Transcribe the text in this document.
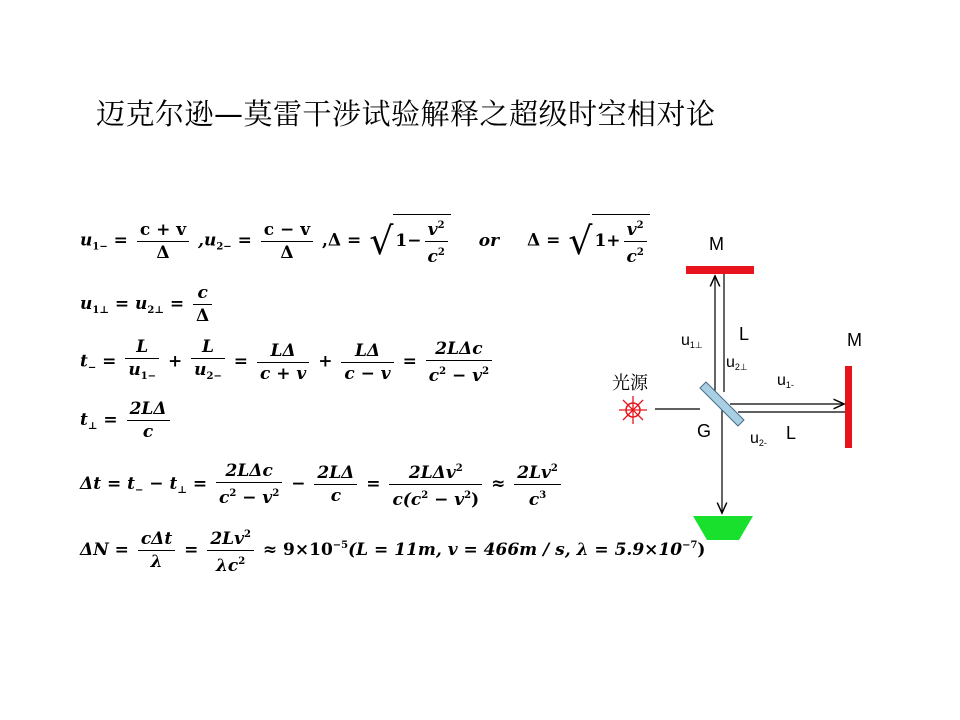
迈克尔逊—莫雷干涉试验解释之超级时空相对论
$u_{1-} = \frac{c + v}{\Delta} ,u_{2-} = \frac{c - v}{\Delta} ,\Delta$ = √ $1- \frac{v^2}{c^2}$ or Δ = √ $1+ \frac{v^2}{c^2}$
$u_{1\perp} = u_{2\perp} = \frac{c}{\Delta}$
$t_- = \frac{L}{u_{1-}} + \frac{L}{u_{2-}} = \frac{L\Delta}{c + v} + \frac{L\Delta}{c - v} = \frac{\text{2LΔc}}{c^2 - v^2}$
$t_\perp = \frac{2L\Delta}{c}$
$\Delta t = t_- - t_\perp = \frac{\text{2LΔc}}{c^2 - v^2} - \frac{2L\Delta}{c} = \frac{2L\Delta v^2}{c(c^2 - v^2)} \approx \frac{2Lv^2}{c^3}$
$\Delta N = \frac{\text{cΔt}}{\lambda} = \frac{2Lv^2}{\lambda c^2} \approx 9\times 10^{-5}(L = 11m$, v = 466m / s, $\lambda = 5.9\times 10^{-7}$)
M
M
光源
G
L
L
$u_{1\perp}$
$u_{2\perp}$
$u_{1-}$
$u_{2-}$
